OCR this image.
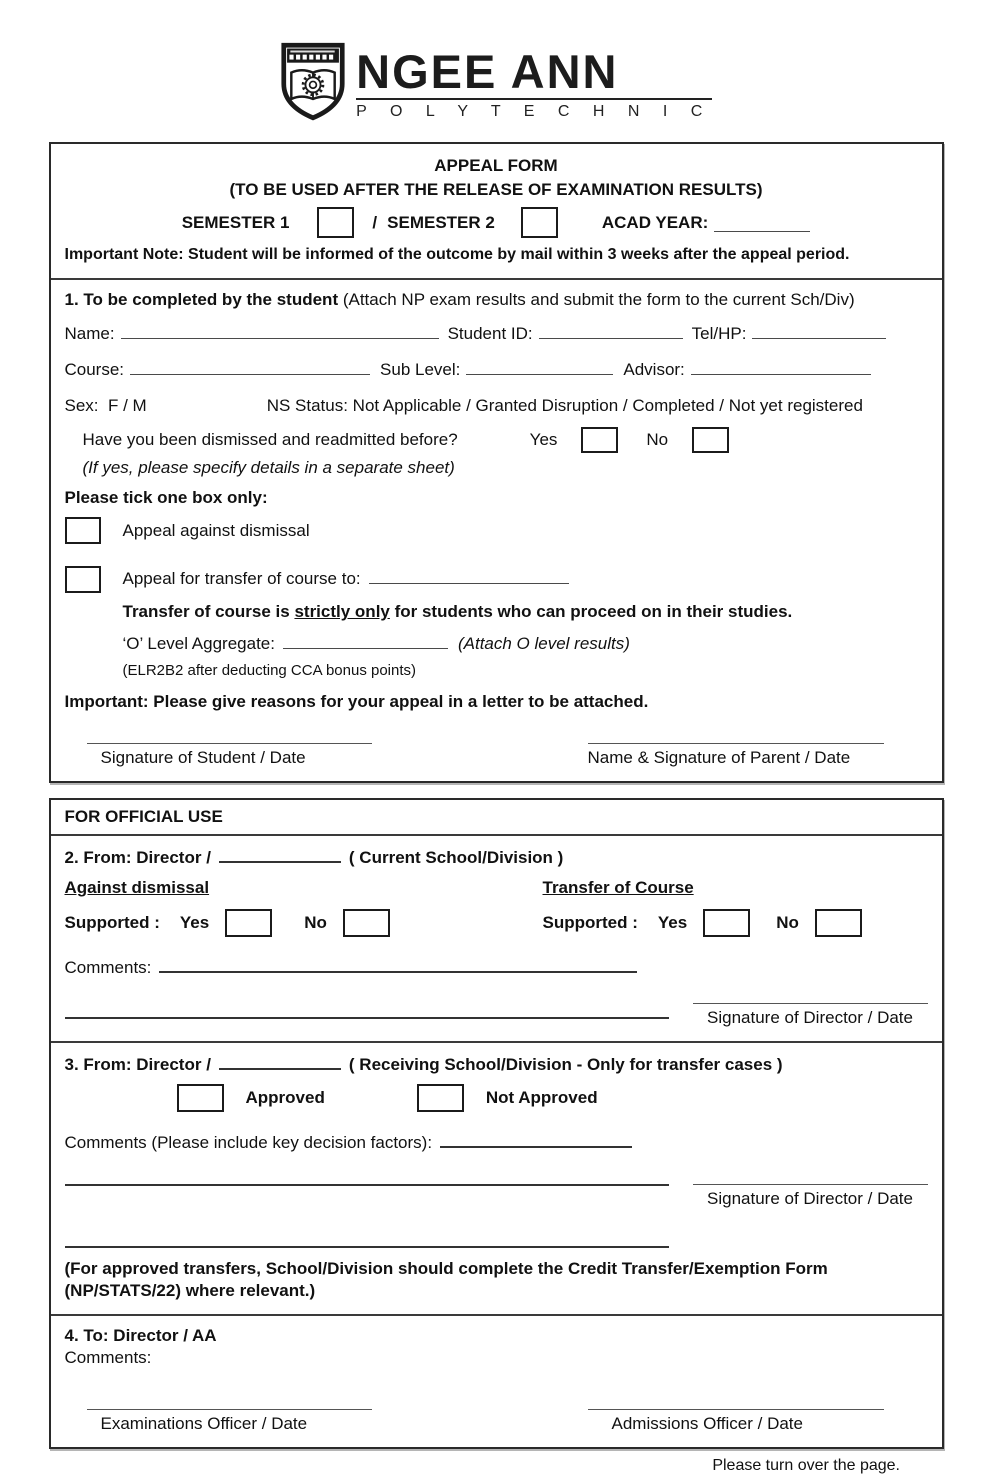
NGEE ANN
P O L Y T E C H N I C
APPEAL FORM
(TO BE USED AFTER THE RELEASE OF EXAMINATION RESULTS)
SEMESTER 1	/ SEMESTER 2	ACAD YEAR:
Important Note: Student will be informed of the outcome by mail within 3 weeks after the appeal period.
1. To be completed by the student (Attach NP exam results and submit the form to the current Sch/Div)
Name:	Student ID:	Tel/HP:
Course:	Sub Level:	Advisor:
Sex:  F / M	NS Status: Not Applicable / Granted Disruption / Completed / Not yet registered
Have you been dismissed and readmitted before?	Yes	No
(If yes, please specify details in a separate sheet)
Please tick one box only:
Appeal against dismissal
Appeal for transfer of course to:
Transfer of course is strictly only for students who can proceed on in their studies.
‘O’ Level Aggregate:	(Attach O level results)
(ELR2B2 after deducting CCA bonus points)
Important: Please give reasons for your appeal in a letter to be attached.
Signature of Student / Date	Name & Signature of Parent / Date
FOR OFFICIAL USE
2. From: Director /	( Current School/Division )
Against dismissal	Transfer of Course
Supported : Yes	No	Supported : Yes	No
Comments:
Signature of Director / Date
3. From: Director /	( Receiving School/Division - Only for transfer cases )
Approved	Not Approved
Comments (Please include key decision factors):
Signature of Director / Date
(For approved transfers, School/Division should complete the Credit Transfer/Exemption Form (NP/STATS/22) where relevant.)
4. To: Director / AA
Comments:
Examinations Officer / Date	Admissions Officer / Date
Please turn over the page.
